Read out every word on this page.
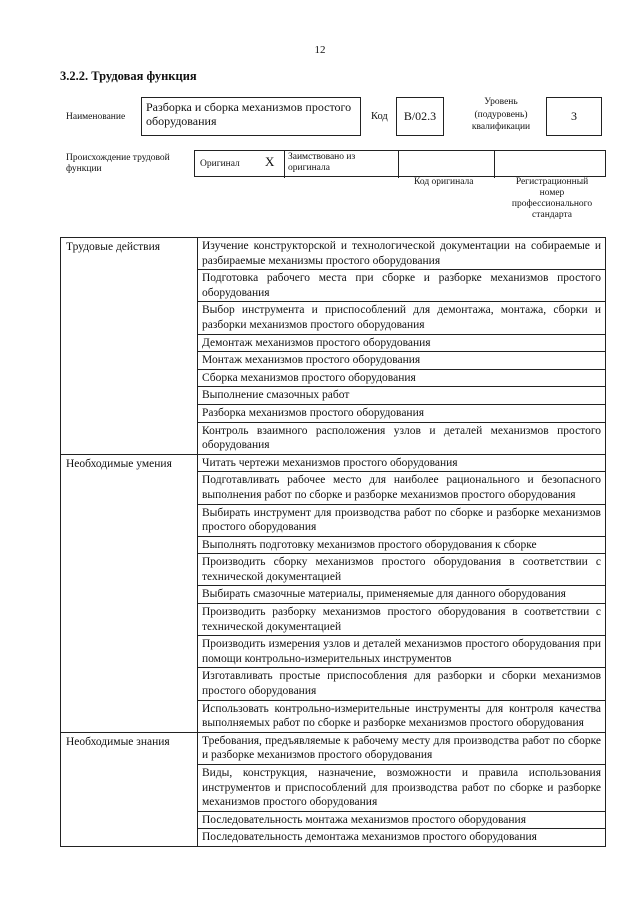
12
3.2.2. Трудовая функция
Наименование
Разборка и сборка механизмов простого оборудования	Код	B/02.3
Уровень (подуровень) квалификации
3
Происхождение трудовой функции	Оригинал X Заимствовано из оригинала
Код оригинала	Регистрационный номер профессионального стандарта
Трудовые действия	Изучение конструкторской и технологической документации на собираемые и разбираемые механизмы простого оборудования
	Подготовка рабочего места при сборке и разборке механизмов простого оборудования
	Выбор инструмента и приспособлений для демонтажа, монтажа, сборки и разборки механизмов простого оборудования
	Демонтаж механизмов простого оборудования
	Монтаж механизмов простого оборудования
	Сборка механизмов простого оборудования
	Выполнение смазочных работ
	Разборка механизмов простого оборудования
	Контроль взаимного расположения узлов и деталей механизмов простого оборудования
Необходимые умения	Читать чертежи механизмов простого оборудования
	Подготавливать рабочее место для наиболее рационального и безопасного выполнения работ по сборке и разборке механизмов простого оборудования
	Выбирать инструмент для производства работ по сборке и разборке механизмов простого оборудования
	Выполнять подготовку механизмов простого оборудования к сборке
	Производить сборку механизмов простого оборудования в соответствии с технической документацией
	Выбирать смазочные материалы, применяемые для данного оборудования
	Производить разборку механизмов простого оборудования в соответствии с технической документацией
	Производить измерения узлов и деталей механизмов простого оборудования при помощи контрольно-измерительных инструментов
	Изготавливать простые приспособления для разборки и сборки механизмов простого оборудования
	Использовать контрольно-измерительные инструменты для контроля качества выполняемых работ по сборке и разборке механизмов простого оборудования
Необходимые знания	Требования, предъявляемые к рабочему месту для производства работ по сборке и разборке механизмов простого оборудования
	Виды, конструкция, назначение, возможности и правила использования инструментов и приспособлений для производства работ по сборке и разборке механизмов простого оборудования
	Последовательность монтажа механизмов простого оборудования
	Последовательность демонтажа механизмов простого оборудования
